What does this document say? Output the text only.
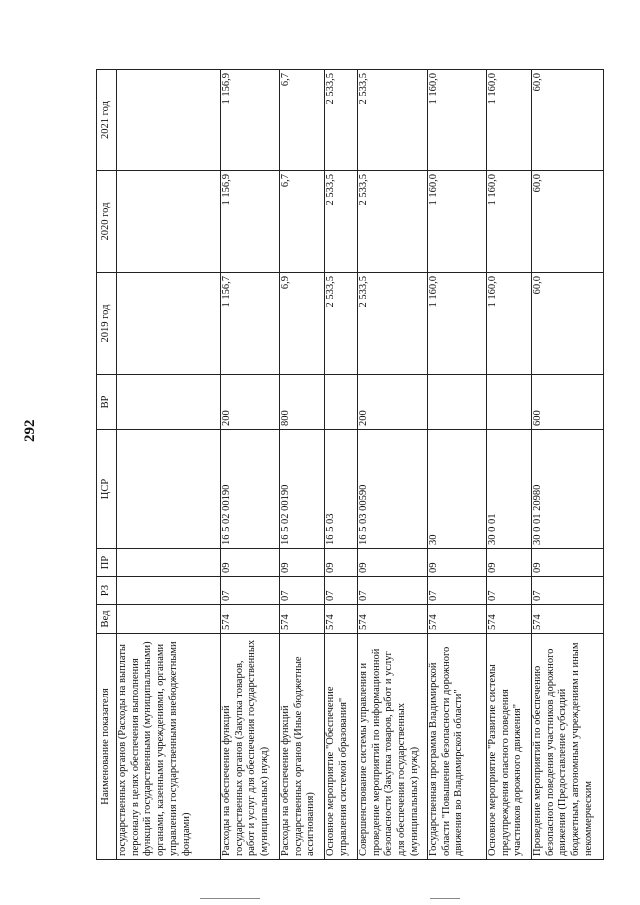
292
Наименование показателя	Вед	РЗ	ПР	ЦСР	ВР	2019 год	2020 год	2021 год
государственных органов (Расходы на выплаты персоналу в целях обеспечения выполнения функций государственными (муниципальными) органами, казенными учреждениями, органами управления государственными внебюджетными фондами)								
Расходы на обеспечение функций государственных органов (Закупка товаров, работ и услуг для обеспечения государственных (муниципальных) нужд)	574	07	09	16 5 02 00190	200	1 156,7	1 156,9	1 156,9
Расходы на обеспечение функций государственных органов (Иные бюджетные ассигнования)	574	07	09	16 5 02 00190	800	6,9	6,7	6,7
Основное мероприятие "Обеспечение управления системой образования"	574	07	09	16 5 03		2 533,5	2 533,5	2 533,5
Совершенствование системы управления и проведение мероприятий по информационной безопасности (Закупка товаров, работ и услуг для обеспечения государственных (муниципальных) нужд)	574	07	09	16 5 03 00590	200	2 533,5	2 533,5	2 533,5
Государственная программа Владимирской области "Повышение безопасности дорожного движения во Владимирской области"	574	07	09	30		1 160,0	1 160,0	1 160,0
Основное мероприятие "Развитие системы предупреждения опасного поведения участников дорожного движения"	574	07	09	30 0 01		1 160,0	1 160,0	1 160,0
Проведение мероприятий по обеспечению безопасного поведения участников дорожного движения (Предоставление субсидий бюджетным, автономным учреждениям и иным некоммерческим	574	07	09	30 0 01 20980	600	60,0	60,0	60,0
